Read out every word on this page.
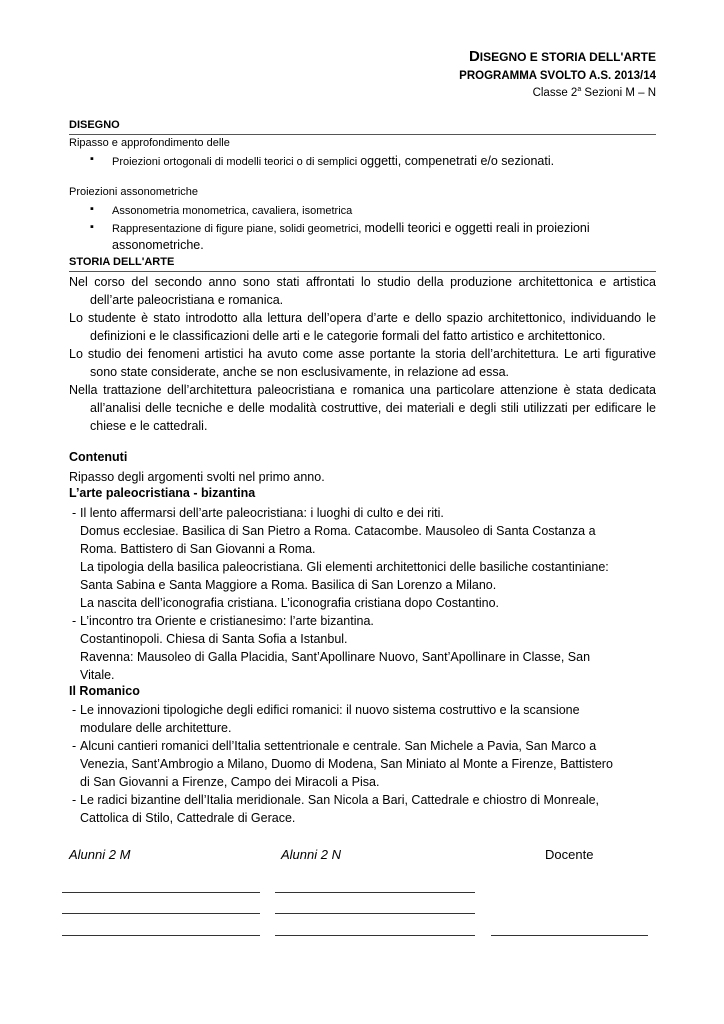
DISEGNO E STORIA DELL'ARTE
PROGRAMMA SVOLTO A.S. 2013/14
Classe 2$^a$ Sezioni M – N
DISEGNO
Ripasso e approfondimento delle
▪ Proiezioni ortogonali di modelli teorici o di semplici oggetti, compenetrati e/o sezionati.
Proiezioni assonometriche
▪ Assonometria monometrica, cavaliera, isometrica
▪ Rappresentazione di figure piane, solidi geometrici, modelli teorici e oggetti reali in proiezioni
assonometriche.
STORIA DELL'ARTE
Nel corso del secondo anno sono stati affrontati lo studio della produzione architettonica e artistica dell’arte paleocristiana e romanica.
Lo studente è stato introdotto alla lettura dell’opera d’arte e dello spazio architettonico, individuando le definizioni e le classificazioni delle arti e le categorie formali del fatto artistico e architettonico.
Lo studio dei fenomeni artistici ha avuto come asse portante la storia dell’architettura. Le arti figurative sono state considerate, anche se non esclusivamente, in relazione ad essa.
Nella trattazione dell’architettura paleocristiana e romanica una particolare attenzione è stata dedicata all’analisi delle tecniche e delle modalità costruttive, dei materiali e degli stili utilizzati per edificare le chiese e le cattedrali.
Contenuti
Ripasso degli argomenti svolti nel primo anno.
L’arte paleocristiana - bizantina
- Il lento affermarsi dell’arte paleocristiana: i luoghi di culto e dei riti.
Domus ecclesiae. Basilica di San Pietro a Roma. Catacombe. Mausoleo di Santa Costanza a
Roma. Battistero di San Giovanni a Roma.
La tipologia della basilica paleocristiana. Gli elementi architettonici delle basiliche costantiniane:
Santa Sabina e Santa Maggiore a Roma. Basilica di San Lorenzo a Milano.
La nascita dell’iconografia cristiana. L’iconografia cristiana dopo Costantino.
- L’incontro tra Oriente e cristianesimo: l’arte bizantina.
Costantinopoli. Chiesa di Santa Sofia a Istanbul.
Ravenna: Mausoleo di Galla Placidia, Sant’Apollinare Nuovo, Sant’Apollinare in Classe, San
Vitale.
Il Romanico
- Le innovazioni tipologiche degli edifici romanici: il nuovo sistema costruttivo e la scansione
modulare delle architetture.
- Alcuni cantieri romanici dell’Italia settentrionale e centrale. San Michele a Pavia, San Marco a
Venezia, Sant’Ambrogio a Milano, Duomo di Modena, San Miniato al Monte a Firenze, Battistero
di San Giovanni a Firenze, Campo dei Miracoli a Pisa.
- Le radici bizantine dell’Italia meridionale. San Nicola a Bari, Cattedrale e chiostro di Monreale,
Cattolica di Stilo, Cattedrale di Gerace.
Alunni 2 M	Alunni 2 N	Docente
